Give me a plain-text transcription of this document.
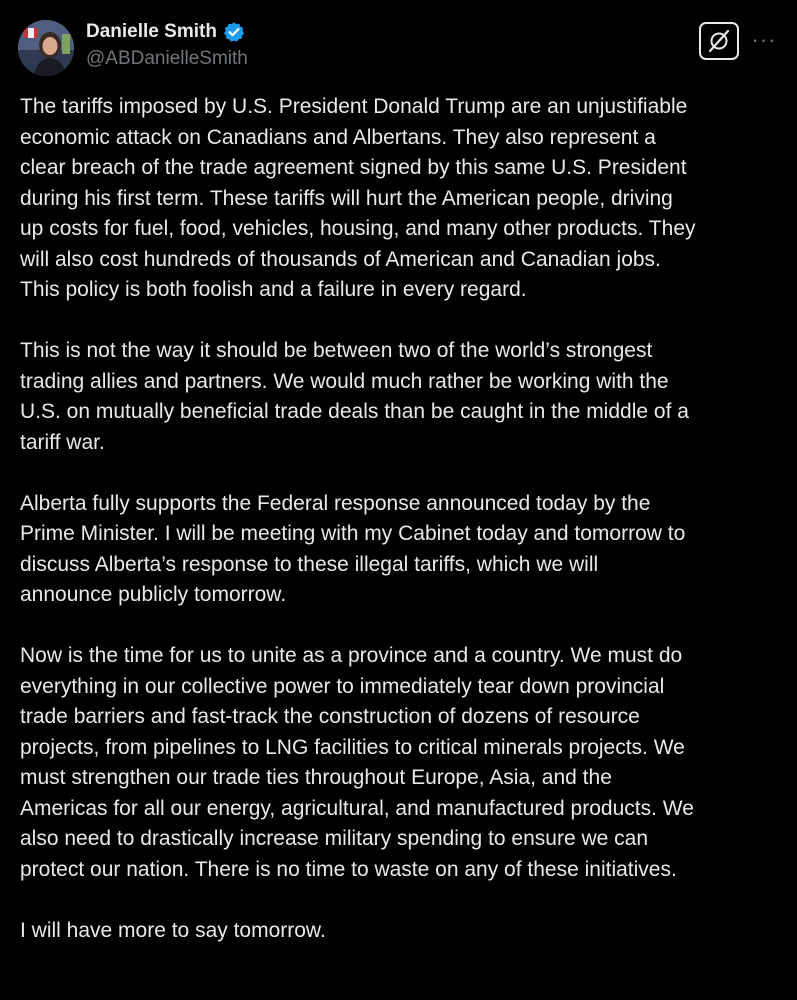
Danielle Smith
@ABDanielleSmith
···
The tariffs imposed by U.S. President Donald Trump are an unjustifiable
economic attack on Canadians and Albertans. They also represent a
clear breach of the trade agreement signed by this same U.S. President
during his first term. These tariffs will hurt the American people, driving
up costs for fuel, food, vehicles, housing, and many other products. They
will also cost hundreds of thousands of American and Canadian jobs.
This policy is both foolish and a failure in every regard.
This is not the way it should be between two of the world’s strongest
trading allies and partners. We would much rather be working with the
U.S. on mutually beneficial trade deals than be caught in the middle of a
tariff war.
Alberta fully supports the Federal response announced today by the
Prime Minister. I will be meeting with my Cabinet today and tomorrow to
discuss Alberta’s response to these illegal tariffs, which we will
announce publicly tomorrow.
Now is the time for us to unite as a province and a country. We must do
everything in our collective power to immediately tear down provincial
trade barriers and fast-track the construction of dozens of resource
projects, from pipelines to LNG facilities to critical minerals projects. We
must strengthen our trade ties throughout Europe, Asia, and the
Americas for all our energy, agricultural, and manufactured products. We
also need to drastically increase military spending to ensure we can
protect our nation. There is no time to waste on any of these initiatives.
I will have more to say tomorrow.
